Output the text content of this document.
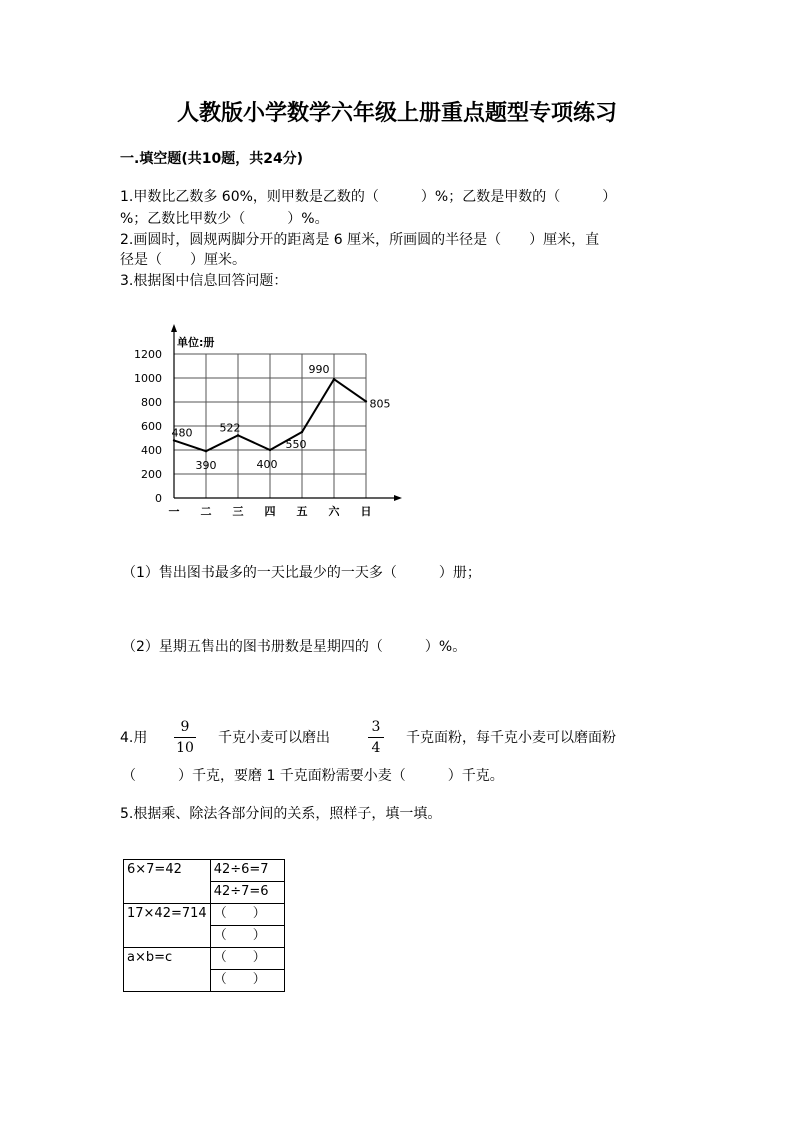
人教版小学数学六年级上册重点题型专项练习
一.填空题(共10题，共24分)
1.甲数比乙数多 60%，则甲数是乙数的（　　　）%；乙数是甲数的（　　　）
%；乙数比甲数少（　　　）%。
2.画圆时，圆规两脚分开的距离是 6 厘米，所画圆的半径是（　　）厘米，直
径是（　　）厘米。
3.根据图中信息回答问题：
单位:册
0
200
400
600
800
1000
1200
一 二 三 四 五 六 日
480
390
522
400
550
990
805
（1）售出图书最多的一天比最少的一天多（　　　）册；
（2）星期五售出的图书册数是星期四的（　　　）%。
4.用
9
10
千克小麦可以磨出
3
4
千克面粉，每千克小麦可以磨面粉
（　　　）千克，要磨 1 千克面粉需要小麦（　　　）千克。
5.根据乘、除法各部分间的关系，照样子，填一填。
6×7=42	42÷6=7
	42÷7=6
17×42=714	（　　）
	（　　）
a×b=c	（　　）
	（　　）
